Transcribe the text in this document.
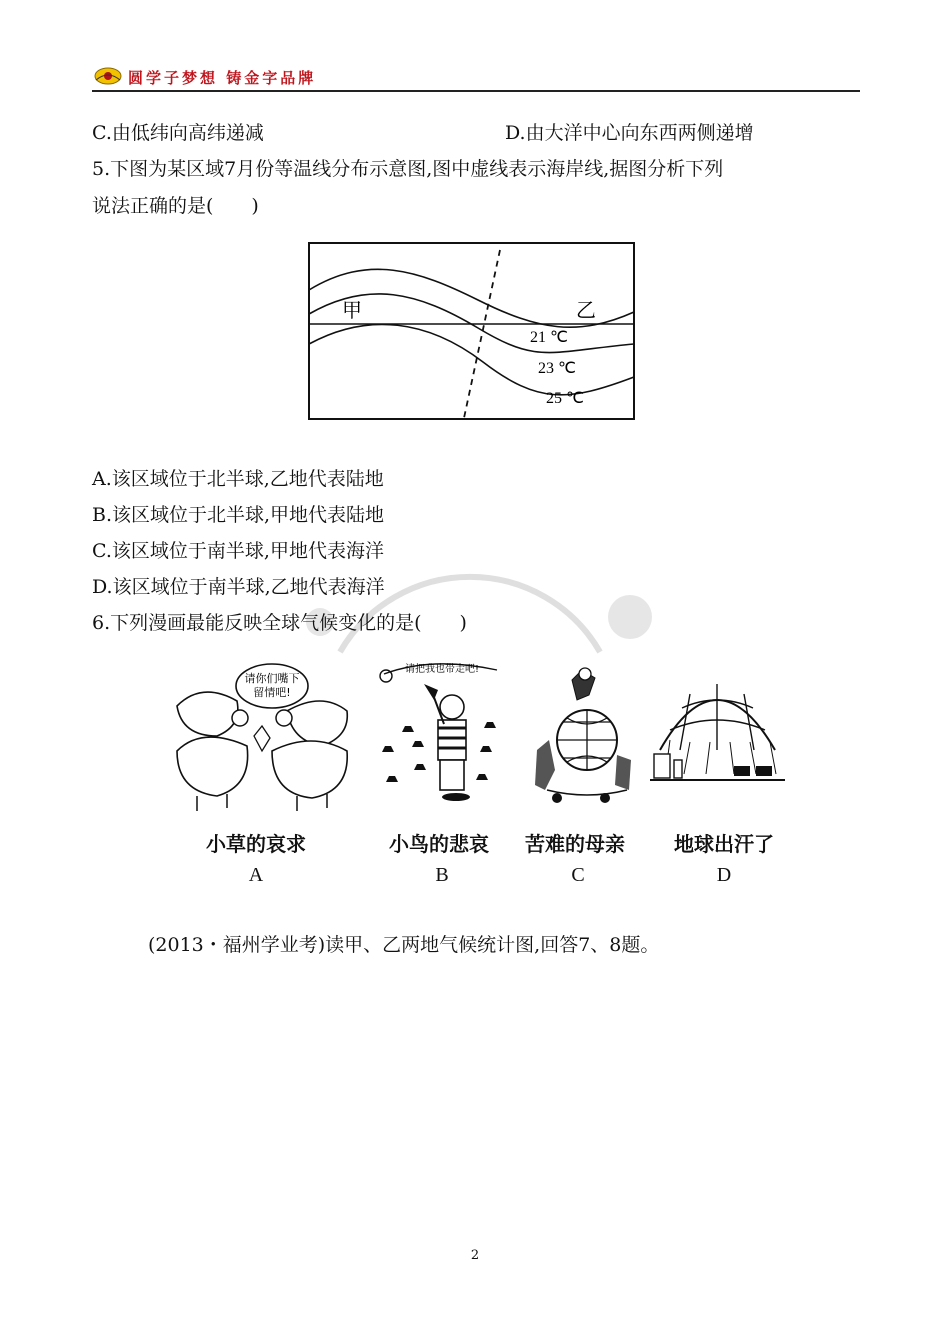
圆学子梦想 铸金字品牌
C.由低纬向高纬递减	D.由大洋中心向东西两侧递增
5.下图为某区域7月份等温线分布示意图,图中虚线表示海岸线,据图分析下列
说法正确的是(　　)
甲	乙
21 ℃
23 ℃
25 ℃
A.该区域位于北半球,乙地代表陆地
B.该区域位于北半球,甲地代表陆地
C.该区域位于南半球,甲地代表海洋
D.该区域位于南半球,乙地代表海洋
6.下列漫画最能反映全球气候变化的是(　　)
请你们嘴下
留情吧!
请把我也带走吧!
小草的哀求	小鸟的悲哀	苦难的母亲	地球出汗了
A	B	C	D
(2013・福州学业考)读甲、乙两地气候统计图,回答7、8题。
2
